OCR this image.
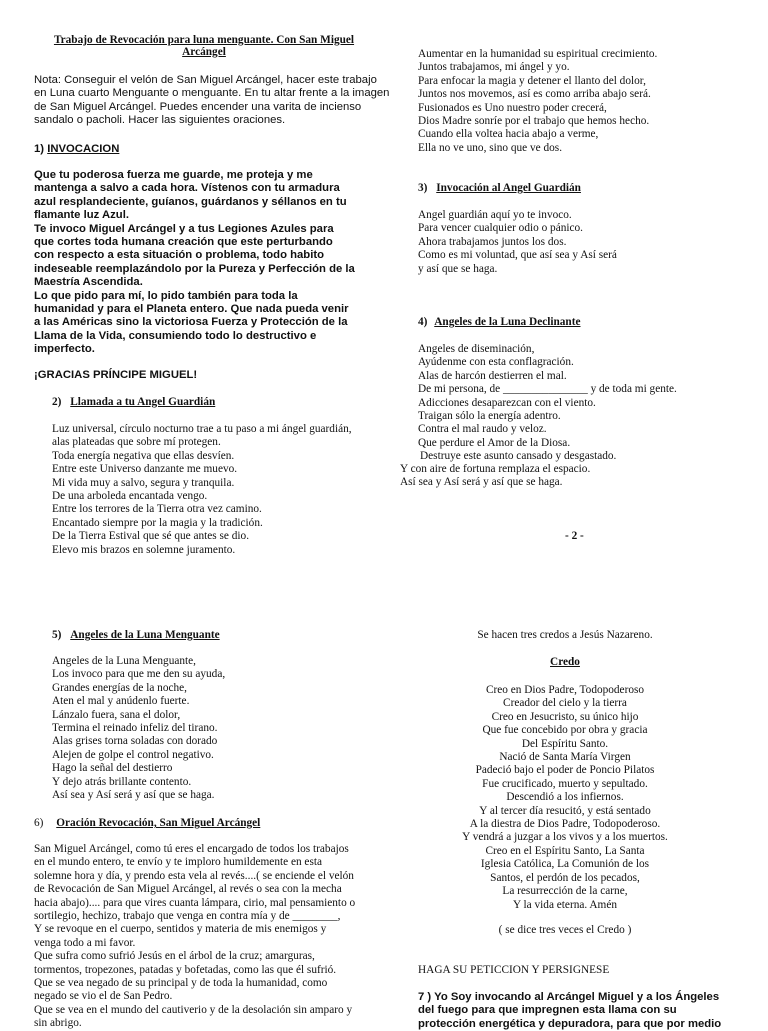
Trabajo de Revocación para luna menguante. Con San Miguel
Arcángel
Nota: Conseguir el velón de San Miguel Arcángel, hacer este trabajo
en Luna cuarto Menguante o menguante. En tu altar frente a la imagen
de San Miguel Arcángel. Puedes encender una varita de incienso
sandalo o pacholi. Hacer las siguientes oraciones.
1) INVOCACION
Que tu poderosa fuerza me guarde, me proteja y me
mantenga a salvo a cada hora. Vístenos con tu armadura
azul resplandeciente, guíanos, guárdanos y séllanos en tu
flamante luz Azul.
Te invoco Miguel Arcángel y a tus Legiones Azules para
que cortes toda humana creación que este perturbando
con respecto a esta situación o problema, todo habito
indeseable reemplazándolo por la Pureza y Perfección de la
Maestría Ascendida.
Lo que pido para mí, lo pido también para toda la
humanidad y para el Planeta entero. Que nada pueda venir
a las Américas sino la victoriosa Fuerza y Protección de la
Llama de la Vida, consumiendo todo lo destructivo e
imperfecto.
¡GRACIAS PRÍNCIPE MIGUEL!
2) Llamada a tu Angel Guardián
Luz universal, círculo nocturno trae a tu paso a mi ángel guardián,
alas plateadas que sobre mí protegen.
Toda energía negativa que ellas desvíen.
Entre este Universo danzante me muevo.
Mi vida muy a salvo, segura y tranquila.
De una arboleda encantada vengo.
Entre los terrores de la Tierra otra vez camino.
Encantado siempre por la magia y la tradición.
De la Tierra Estival que sé que antes se dio.
Elevo mis brazos en solemne juramento.
Aumentar en la humanidad su espiritual crecimiento.
Juntos trabajamos, mi ángel y yo.
Para enfocar la magia y detener el llanto del dolor,
Juntos nos movemos, así es como arriba abajo será.
Fusionados es Uno nuestro poder crecerá,
Dios Madre sonríe por el trabajo que hemos hecho.
Cuando ella voltea hacia abajo a verme,
Ella no ve uno, sino que ve dos.
3) Invocación al Angel Guardián
Angel guardián aquí yo te invoco.
Para vencer cualquier odio o pánico.
Ahora trabajamos juntos los dos.
Como es mi voluntad, que así sea y Así será
y así que se haga.
4) Angeles de la Luna Declinante
Angeles de diseminación,
Ayúdenme con esta conflagración.
Alas de harcón destierren el mal.
De mi persona, de _______________ y de toda mi gente.
Adicciones desaparezcan con el viento.
Traigan sólo la energía adentro.
Contra el mal raudo y veloz.
Que perdure el Amor de la Diosa.
Destruye este asunto cansado y desgastado.
Y con aire de fortuna remplaza el espacio.
Así sea y Así será y así que se haga.
- 2 -
5) Angeles de la Luna Menguante
Angeles de la Luna Menguante,
Los invoco para que me den su ayuda,
Grandes energías de la noche,
Aten el mal y anúdenlo fuerte.
Lánzalo fuera, sana el dolor,
Termina el reinado infeliz del tirano.
Alas grises torna soladas con dorado
Alejen de golpe el control negativo.
Hago la señal del destierro
Y dejo atrás brillante contento.
Así sea y Así será y así que se haga.
6) Oración Revocación, San Miguel Arcángel
San Miguel Arcángel, como tú eres el encargado de todos los trabajos
en el mundo entero, te envío y te imploro humildemente en esta
solemne hora y día, y prendo esta vela al revés....( se enciende el velón
de Revocación de San Miguel Arcángel, al revés o sea con la mecha
hacia abajo).... para que vires cuanta lámpara, cirio, mal pensamiento o
sortilegio, hechizo, trabajo que venga en contra mía y de ________,
Y se revoque en el cuerpo, sentidos y materia de mis enemigos y
venga todo a mi favor.
Que sufra como sufrió Jesús en el árbol de la cruz; amarguras,
tormentos, tropezones, patadas y bofetadas, como las que él sufrió.
Que se vea negado de su principal y de toda la humanidad, como
negado se vio el de San Pedro.
Que se vea en el mundo del cautiverio y de la desolación sin amparo y
sin abrigo.
Se hacen tres credos a Jesús Nazareno.
Credo
Creo en Dios Padre, Todopoderoso
Creador del cielo y la tierra
Creo en Jesucristo, su único hijo
Que fue concebido por obra y gracia
Del Espíritu Santo.
Nació de Santa María Virgen
Padeció bajo el poder de Poncio Pilatos
Fue crucificado, muerto y sepultado.
Descendió a los infiernos.
Y al tercer día resucitó, y está sentado
A la diestra de Dios Padre, Todopoderoso.
Y vendrá a juzgar a los vivos y a los muertos.
Creo en el Espíritu Santo, La Santa
Iglesia Católica, La Comunión de los
Santos, el perdón de los pecados,
La resurrección de la carne,
Y la vida eterna. Amén
( se dice tres veces el Credo )
HAGA SU PETICCION Y PERSIGNESE
7 ) Yo Soy invocando al Arcángel Miguel y a los Ángeles
del fuego para que impregnen esta llama con su
protección energética y depuradora, para que por medio
